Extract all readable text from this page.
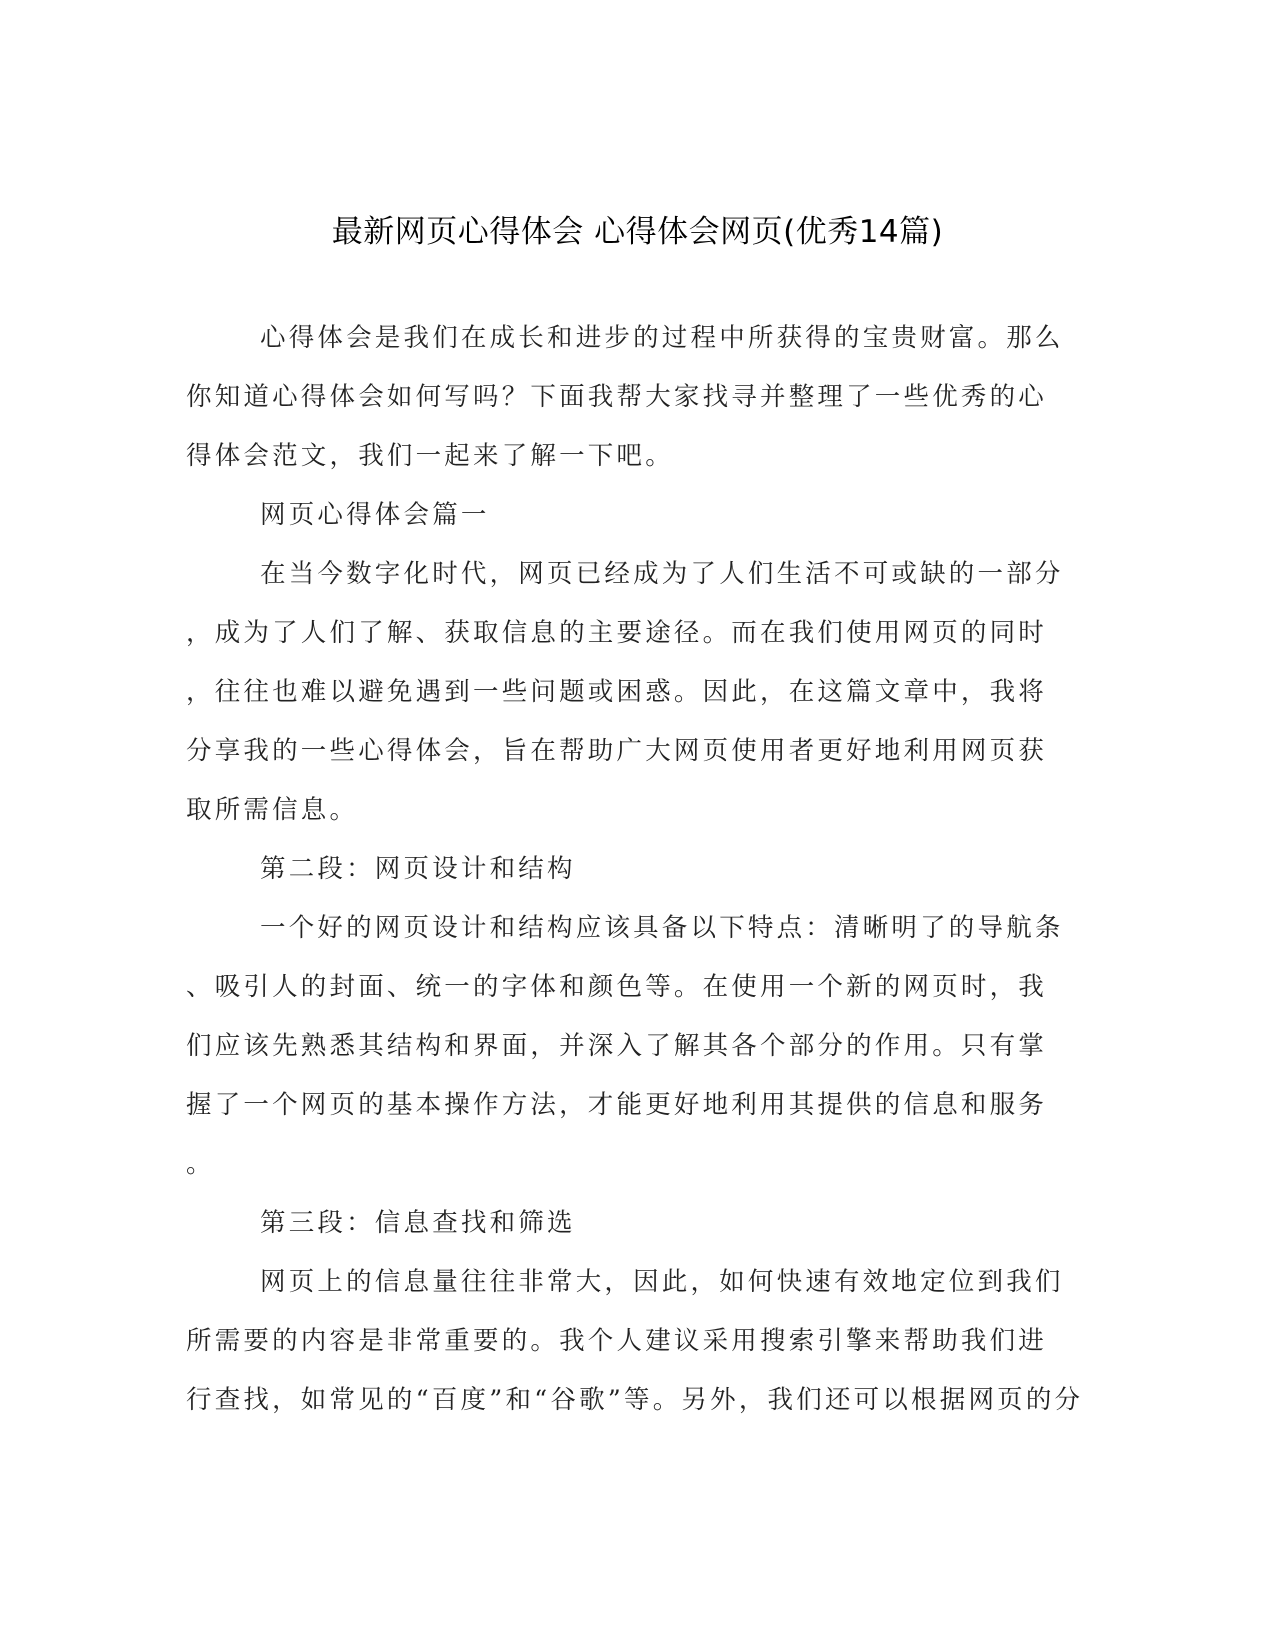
最新网页心得体会 心得体会网页(优秀14篇)
心得体会是我们在成长和进步的过程中所获得的宝贵财富。那么
你知道心得体会如何写吗？下面我帮大家找寻并整理了一些优秀的心
得体会范文，我们一起来了解一下吧。
网页心得体会篇一
在当今数字化时代，网页已经成为了人们生活不可或缺的一部分
，成为了人们了解、获取信息的主要途径。而在我们使用网页的同时
，往往也难以避免遇到一些问题或困惑。因此，在这篇文章中，我将
分享我的一些心得体会，旨在帮助广大网页使用者更好地利用网页获
取所需信息。
第二段：网页设计和结构
一个好的网页设计和结构应该具备以下特点：清晰明了的导航条
、吸引人的封面、统一的字体和颜色等。在使用一个新的网页时，我
们应该先熟悉其结构和界面，并深入了解其各个部分的作用。只有掌
握了一个网页的基本操作方法，才能更好地利用其提供的信息和服务
。
第三段：信息查找和筛选
网页上的信息量往往非常大，因此，如何快速有效地定位到我们
所需要的内容是非常重要的。我个人建议采用搜索引擎来帮助我们进
行查找，如常见的“百度”和“谷歌”等。另外，我们还可以根据网页的分
